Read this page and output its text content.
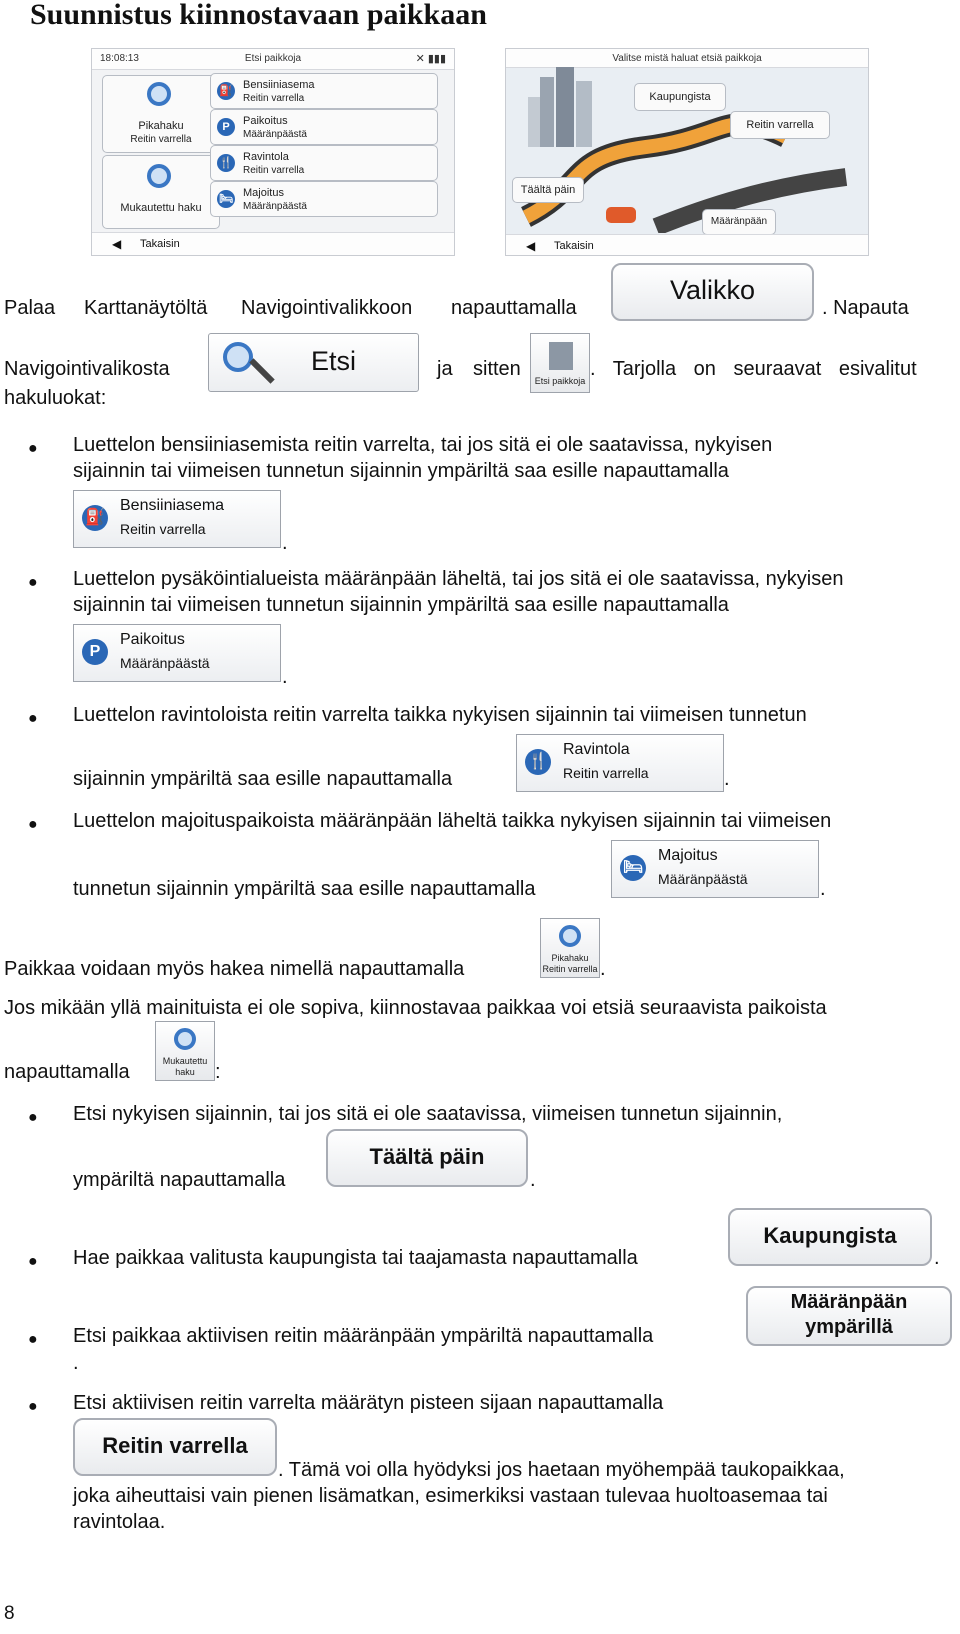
Suunnistus kiinnostavaan paikkaan
18:08:13	Etsi paikkoja	✕ ▮▮▮
Pikahaku
Reitin varrella
Mukautettu haku
⛽ Bensiiniasema
Reitin varrella
P	Paikoitus
Määränpäästä
🍴 Ravintola
Reitin varrella
🛏 Majoitus
Määränpäästä
◀ Takaisin
Valitse mistä haluat etsiä paikkoja
Kaupungista
Reitin varrella
Täältä päin
Määränpään
◀ Takaisin
Palaa Karttanäytöltä Navigointivalikkoon napauttamalla
Valikko
. Napauta
Navigointivalikosta	Etsi	ja sitten
Etsi paikkoja
. Tarjolla on seuraavat esivalitut
hakuluokat:
● Luettelon bensiiniasemista reitin varrelta, tai jos sitä ei ole saatavissa, nykyisen
sijainnin tai viimeisen tunnetun sijainnin ympäriltä saa esille napauttamalla
⛽
Bensiiniasema
Reitin varrella
.
● Luettelon pysäköintialueista määränpään läheltä, tai jos sitä ei ole saatavissa, nykyisen
sijainnin tai viimeisen tunnetun sijainnin ympäriltä saa esille napauttamalla
P
Paikoitus
Määränpäästä
.
● Luettelon ravintoloista reitin varrelta taikka nykyisen sijainnin tai viimeisen tunnetun
sijainnin ympäriltä saa esille napauttamalla
🍴
Ravintola
Reitin varrella	.
● Luettelon majoituspaikoista määränpään läheltä taikka nykyisen sijainnin tai viimeisen
tunnetun sijainnin ympäriltä saa esille napauttamalla
🛏
Majoitus
Määränpäästä	.
Paikkaa voidaan myös hakea nimellä napauttamalla	Pikahaku
Reitin varrella .
Jos mikään yllä mainituista ei ole sopiva, kiinnostavaa paikkaa voi etsiä seuraavista paikoista
napauttamalla	Mukautettu
haku	:
● Etsi nykyisen sijainnin, tai jos sitä ei ole saatavissa, viimeisen tunnetun sijainnin,
ympäriltä napauttamalla
Täältä päin
.
● Hae paikkaa valitusta kaupungista tai taajamasta napauttamalla
Kaupungista
.
● Etsi paikkaa aktiivisen reitin määränpään ympäriltä napauttamalla
Määränpään
ympärillä
.
● Etsi aktiivisen reitin varrelta määrätyn pisteen sijaan napauttamalla
Reitin varrella
. Tämä voi olla hyödyksi jos haetaan myöhempää taukopaikkaa,
joka aiheuttaisi vain pienen lisämatkan, esimerkiksi vastaan tulevaa huoltoasemaa tai
ravintolaa.
8
